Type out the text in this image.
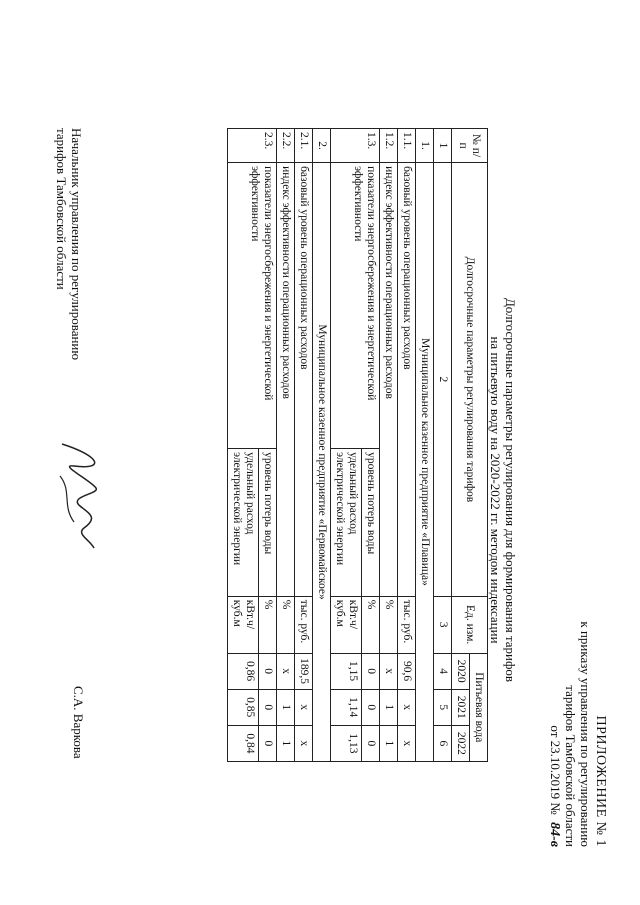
ПРИЛОЖЕНИЕ № 1
к приказу управления по регулированию
тарифов Тамбовской области
от 23.10.2019 № 84-в
Долгосрочные параметры регулирования для формирования тарифов
на питьевую воду на 2020-2022 гг. методом индексации
№ п/п	Долгосрочные параметры регулирования тарифов		Ед. изм.	Питьевая вода		
				2020	2021	2022
1	2		3	4	5	6
1.	Муниципальное казенное предприятие «Плавица»					
1.1.	базовый уровень операционных расходов		тыс. руб.	90,6	х	х
1.2.	индекс эффективности операционных расходов		%	х	1	1
1.3.	показатели энергосбережения и энергетической эффективности	уровень потерь воды	%	0	0	0
		удельный расход электрической энергии	кВт.ч/куб.м	1,15	1,14	1,13
2.	Муниципальное казенное предприятие «Первомайское»					
2.1.	базовый уровень операционных расходов		тыс. руб.	189,5	х	х
2.2.	индекс эффективности операционных расходов		%	х	1	1
2.3.	показатели энергосбережения и энергетической эффективности	уровень потерь воды	%	0	0	0
		удельный расход электрической энергии	кВт.ч/куб.м	0,86	0,85	0,84
Начальник управления по регулированию
тарифов Тамбовской области
С.А. Варкова
